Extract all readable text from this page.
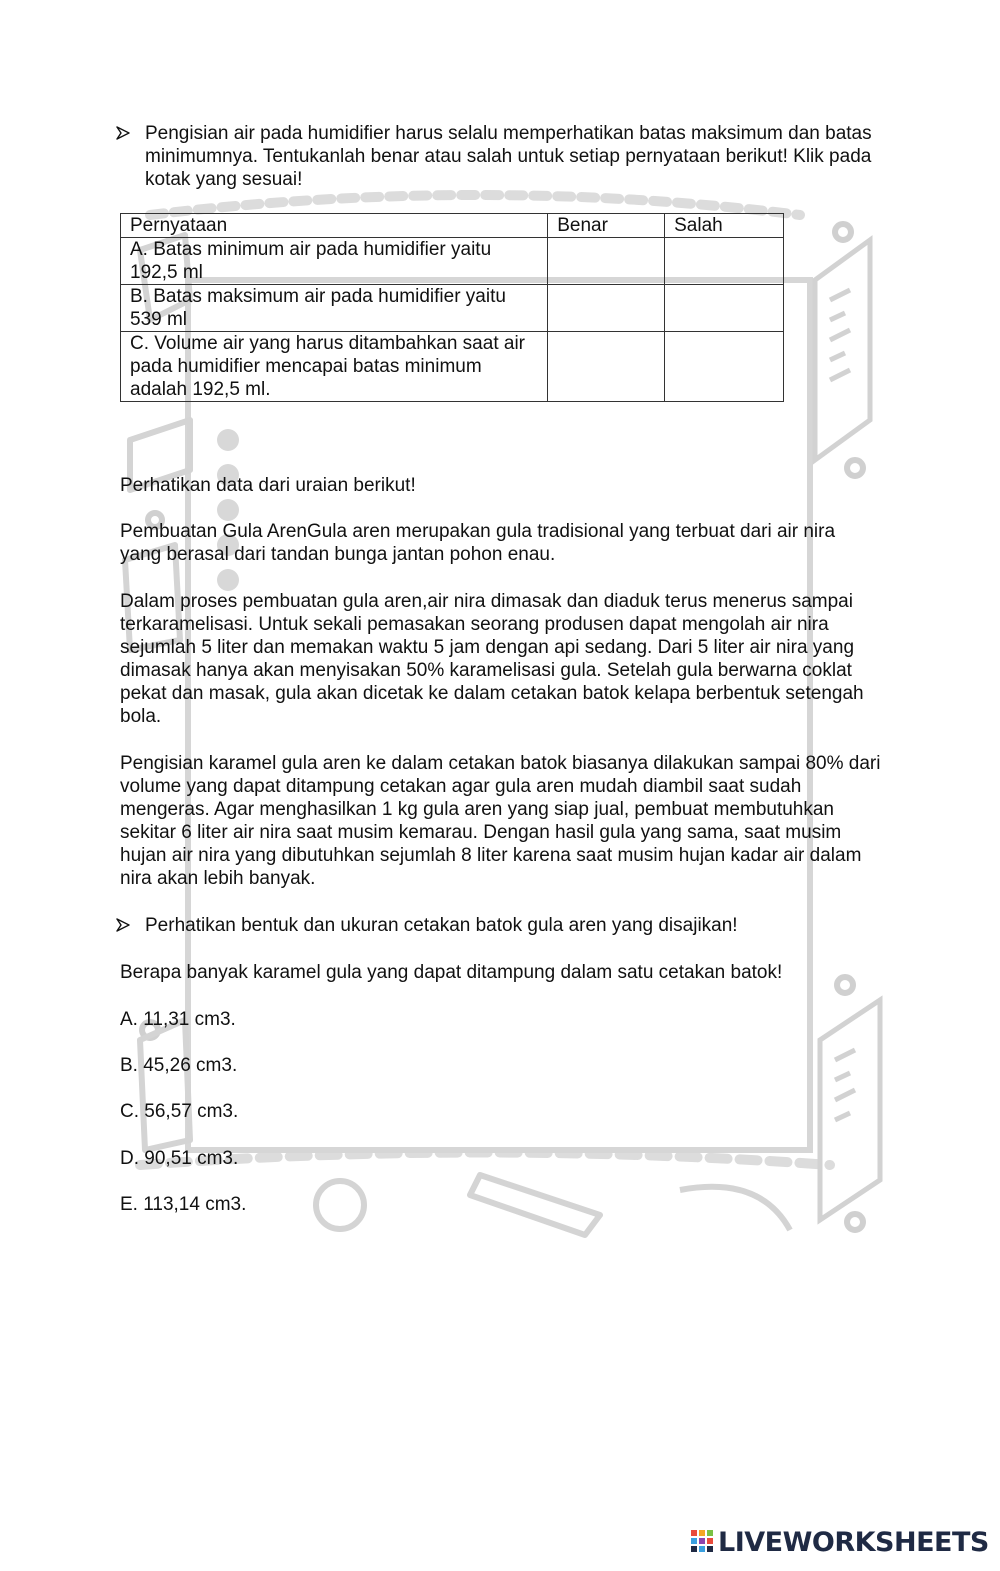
Pengisian air pada humidifier harus selalu memperhatikan batas maksimum dan batas minimumnya. Tentukanlah benar atau salah untuk setiap pernyataan berikut! Klik pada kotak yang sesuai!
Pernyataan	Benar	Salah
A. Batas minimum air pada humidifier yaitu 192,5 ml		
B. Batas maksimum air pada humidifier yaitu 539 ml		
C. Volume air yang harus ditambahkan saat air pada humidifier mencapai batas minimum adalah 192,5 ml.		

Perhatikan data dari uraian berikut!

Pembuatan Gula ArenGula aren merupakan gula tradisional yang terbuat dari air nira yang berasal dari tandan bunga jantan pohon enau.

Dalam proses pembuatan gula aren,air nira dimasak dan diaduk terus menerus sampai terkaramelisasi. Untuk sekali pemasakan seorang produsen dapat mengolah air nira sejumlah 5 liter dan memakan waktu 5 jam dengan api sedang. Dari 5 liter air nira yang dimasak hanya akan menyisakan 50% karamelisasi gula. Setelah gula berwarna coklat pekat dan masak, gula akan dicetak ke dalam cetakan batok kelapa berbentuk setengah bola.

Pengisian karamel gula aren ke dalam cetakan batok biasanya dilakukan sampai 80% dari volume yang dapat ditampung cetakan agar gula aren mudah diambil saat sudah mengeras. Agar menghasilkan 1 kg gula aren yang siap jual, pembuat membutuhkan sekitar 6 liter air nira saat musim kemarau. Dengan hasil gula yang sama, saat musim hujan air nira yang dibutuhkan sejumlah 8 liter karena saat musim hujan kadar air dalam nira akan lebih banyak.

Perhatikan bentuk dan ukuran cetakan batok gula aren yang disajikan!

Berapa banyak karamel gula yang dapat ditampung dalam satu cetakan batok!

A. 11,31 cm3.

B. 45,26 cm3.

C. 56,57 cm3.

D. 90,51 cm3.

E. 113,14 cm3.

LIVEWORKSHEETS
